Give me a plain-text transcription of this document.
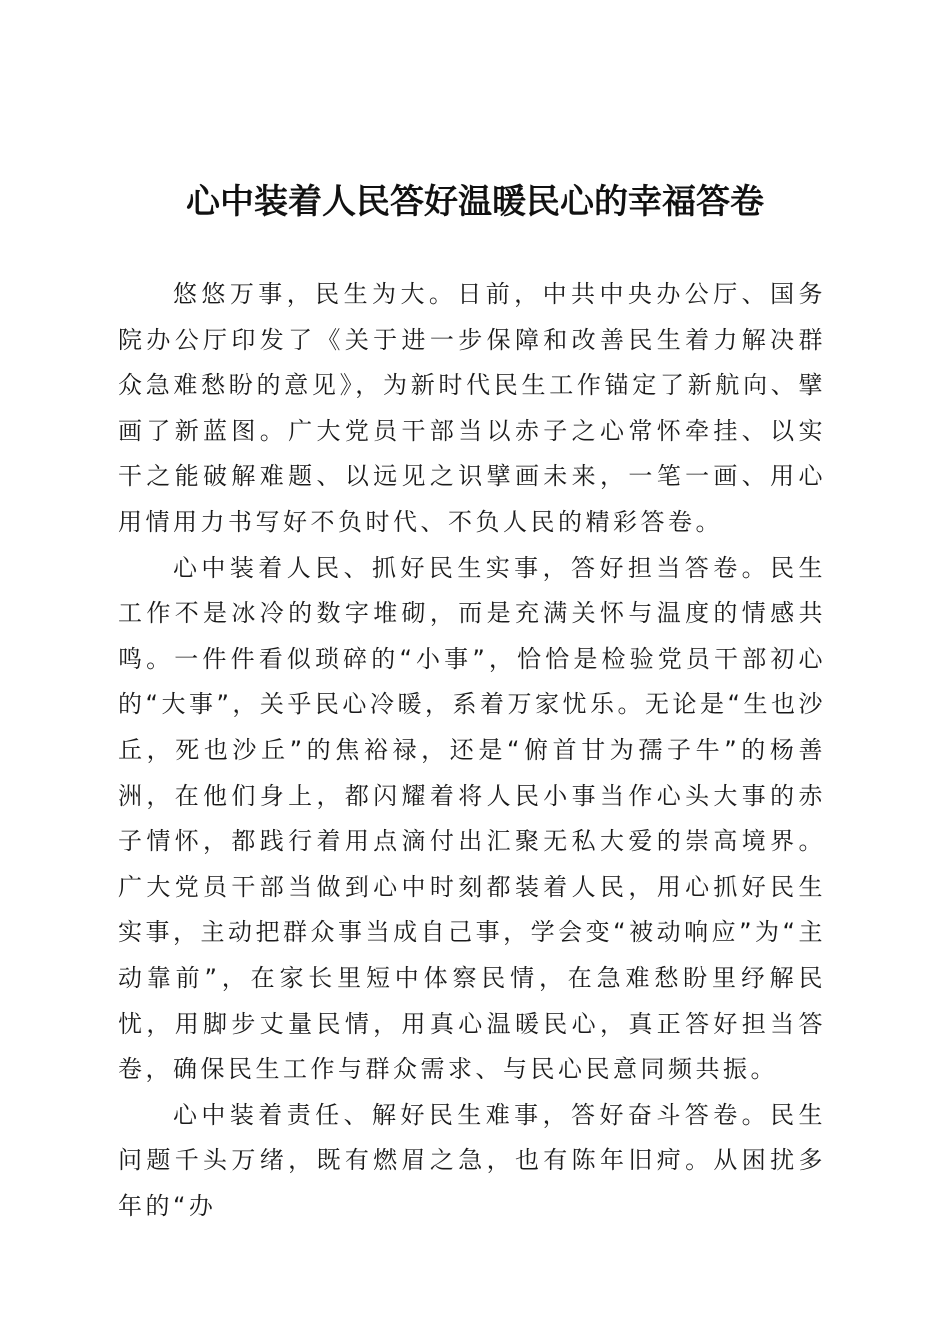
心中装着人民答好温暖民心的幸福答卷

悠悠万事，民生为大。日前，中共中央办公厅、国务院办公厅印发了《关于进一步保障和改善民生着力解决群众急难愁盼的意见》，为新时代民生工作锚定了新航向、擘画了新蓝图。广大党员干部当以赤子之心常怀牵挂、以实干之能破解难题、以远见之识擘画未来，一笔一画、用心用情用力书写好不负时代、不负人民的精彩答卷。

心中装着人民、抓好民生实事，答好担当答卷。民生工作不是冰冷的数字堆砌，而是充满关怀与温度的情感共鸣。一件件看似琐碎的“小事”，恰恰是检验党员干部初心的“大事”，关乎民心冷暖，系着万家忧乐。无论是“生也沙丘，死也沙丘”的焦裕禄，还是“俯首甘为孺子牛”的杨善洲，在他们身上，都闪耀着将人民小事当作心头大事的赤子情怀，都践行着用点滴付出汇聚无私大爱的崇高境界。广大党员干部当做到心中时刻都装着人民，用心抓好民生实事，主动把群众事当成自己事，学会变“被动响应”为“主动靠前”，在家长里短中体察民情，在急难愁盼里纾解民忧，用脚步丈量民情，用真心温暖民心，真正答好担当答卷，确保民生工作与群众需求、与民心民意同频共振。

心中装着责任、解好民生难事，答好奋斗答卷。民生问题千头万绪，既有燃眉之急，也有陈年旧疴。从困扰多年的“办
